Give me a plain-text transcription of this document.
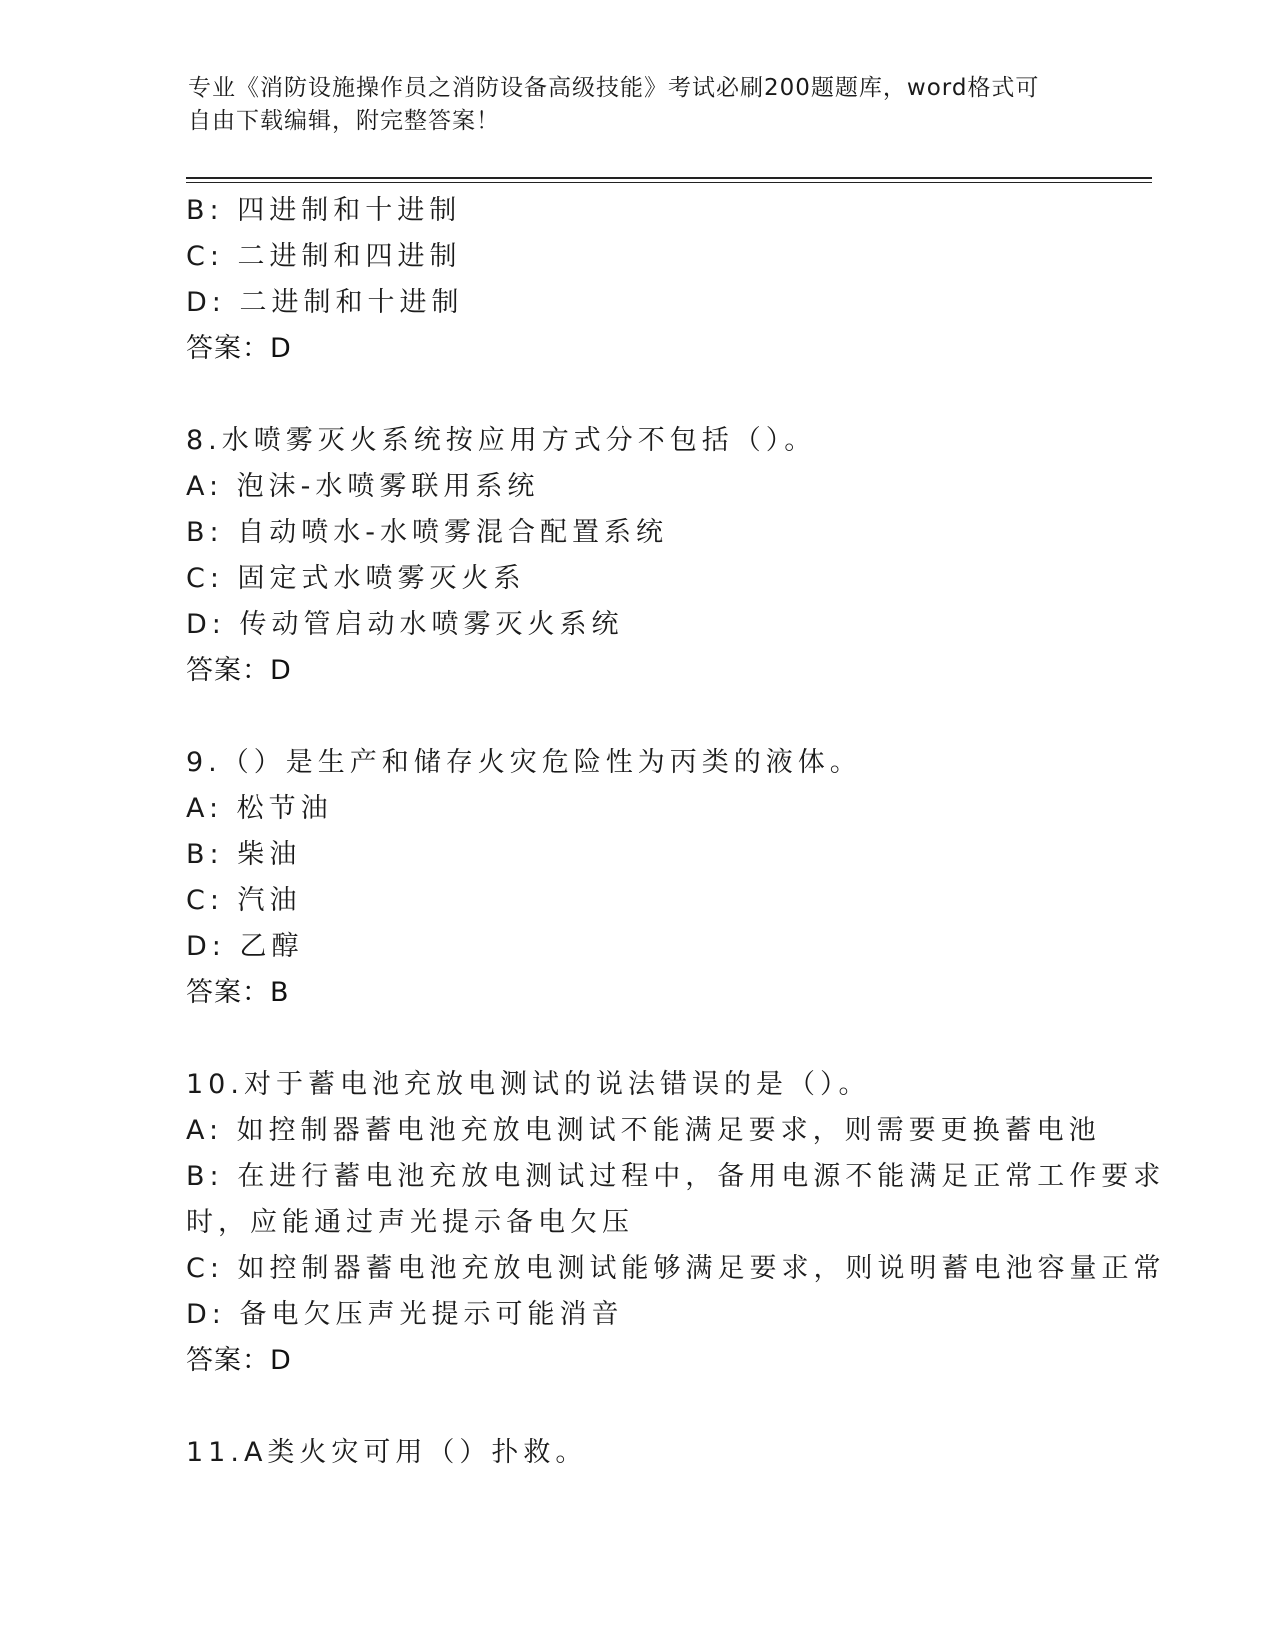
专业《消防设施操作员之消防设备高级技能》考试必刷200题题库，word格式可
自由下载编辑，附完整答案！
B: 四进制和十进制
C: 二进制和四进制
D: 二进制和十进制
答案：D
8.水喷雾灭火系统按应用方式分不包括（）。
A: 泡沫-水喷雾联用系统
B: 自动喷水-水喷雾混合配置系统
C: 固定式水喷雾灭火系
D: 传动管启动水喷雾灭火系统
答案：D
9.（）是生产和储存火灾危险性为丙类的液体。
A: 松节油
B: 柴油
C: 汽油
D: 乙醇
答案：B
10.对于蓄电池充放电测试的说法错误的是（）。
A: 如控制器蓄电池充放电测试不能满足要求，则需要更换蓄电池
B: 在进行蓄电池充放电测试过程中，备用电源不能满足正常工作要求
时，应能通过声光提示备电欠压
C: 如控制器蓄电池充放电测试能够满足要求，则说明蓄电池容量正常
D: 备电欠压声光提示可能消音
答案：D
11.A类火灾可用（）扑救。
